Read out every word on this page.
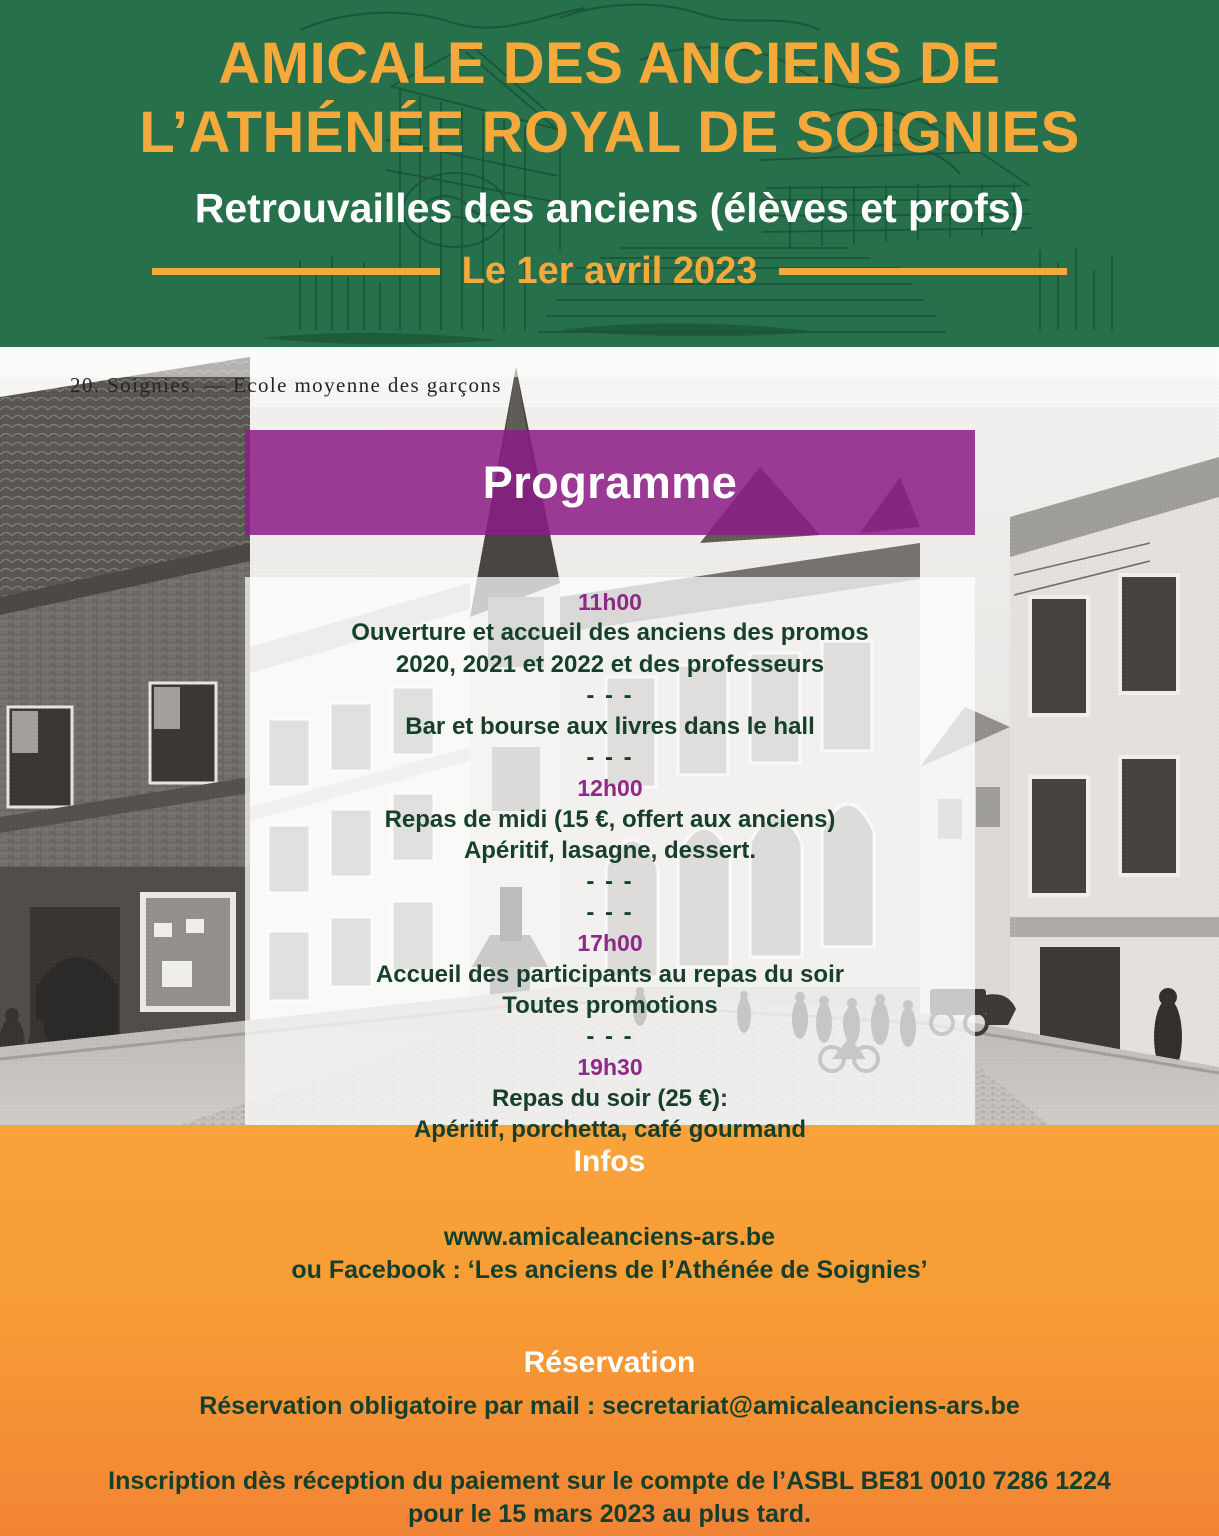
AMICALE DES ANCIENS DE
L’ATHÉNÉE ROYAL DE SOIGNIES
Retrouvailles des anciens (élèves et profs)
Le 1er avril 2023
20. Soignies. — Ecole moyenne des garçons
Programme
11h00
Ouverture et accueil des anciens des promos
2020, 2021 et 2022 et des professeurs
- - -
Bar et bourse aux livres dans le hall
- - -
12h00
Repas de midi (15 €, offert aux anciens)
Apéritif, lasagne, dessert.
- - -
- - -
17h00
Accueil des participants au repas du soir
Toutes promotions
- - -
19h30
Repas du soir (25 €):
Apéritif, porchetta, café gourmand
Infos
www.amicaleanciens-ars.be
ou Facebook : ‘Les anciens de l’Athénée de Soignies’
Réservation
Réservation obligatoire par mail : secretariat@amicaleanciens-ars.be
Inscription dès réception du paiement sur le compte de l’ASBL BE81 0010 7286 1224
pour le 15 mars 2023 au plus tard.
